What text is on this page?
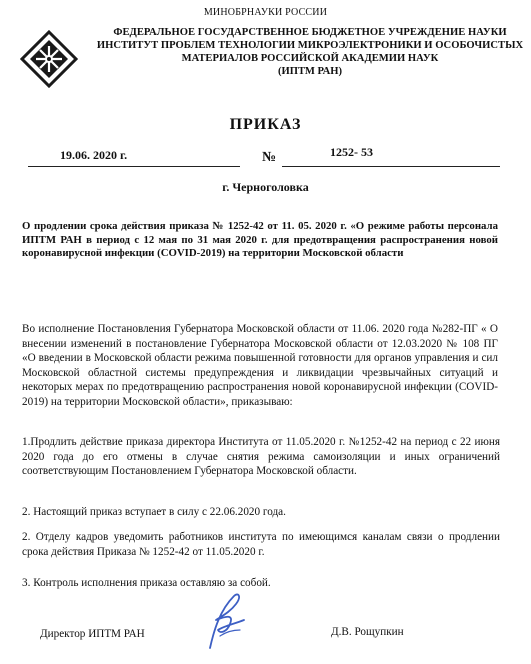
МИНОБРНАУКИ РОССИИ
ФЕДЕРАЛЬНОЕ ГОСУДАРСТВЕННОЕ БЮДЖЕТНОЕ УЧРЕЖДЕНИЕ НАУКИ
ИНСТИТУТ ПРОБЛЕМ ТЕХНОЛОГИИ МИКРОЭЛЕКТРОНИКИ И ОСОБОЧИСТЫХ
МАТЕРИАЛОВ РОССИЙСКОЙ АКАДЕМИИ НАУК
(ИПТМ РАН)
ПРИКАЗ
19.06. 2020 г.	№	1252- 53
г. Черноголовка
О продлении срока действия приказа № 1252-42 от 11. 05. 2020 г. «О режиме работы персонала ИПТМ РАН в период с 12 мая по 31 мая 2020 г. для предотвращения распространения новой коронавирусной инфекции (COVID-2019) на территории Московской области
Во исполнение Постановления Губернатора Московской области от 11.06. 2020 года №282-ПГ « О внесении изменений в постановление Губернатора Московской области от 12.03.2020 № 108 ПГ «О введении в Московской области режима повышенной готовности для органов управления и сил Московской областной системы предупреждения и ликвидации чрезвычайных ситуаций и некоторых мерах по предотвращению распространения новой коронавирусной инфекции (COVID-2019) на территории Московской области», приказываю:
1.Продлить действие приказа директора Института от 11.05.2020 г. №1252-42 на период с 22 июня 2020 года до его отмены в случае снятия режима самоизоляции и иных ограничений соответствующим Постановлением Губернатора Московской области.
2. Настоящий приказ вступает в силу с 22.06.2020 года.
2. Отделу кадров уведомить работников института по имеющимся каналам связи о продлении срока действия Приказа № 1252-42 от 11.05.2020 г.
3. Контроль исполнения приказа оставляю за собой.
Директор ИПТМ РАН	Д.В. Рощупкин
